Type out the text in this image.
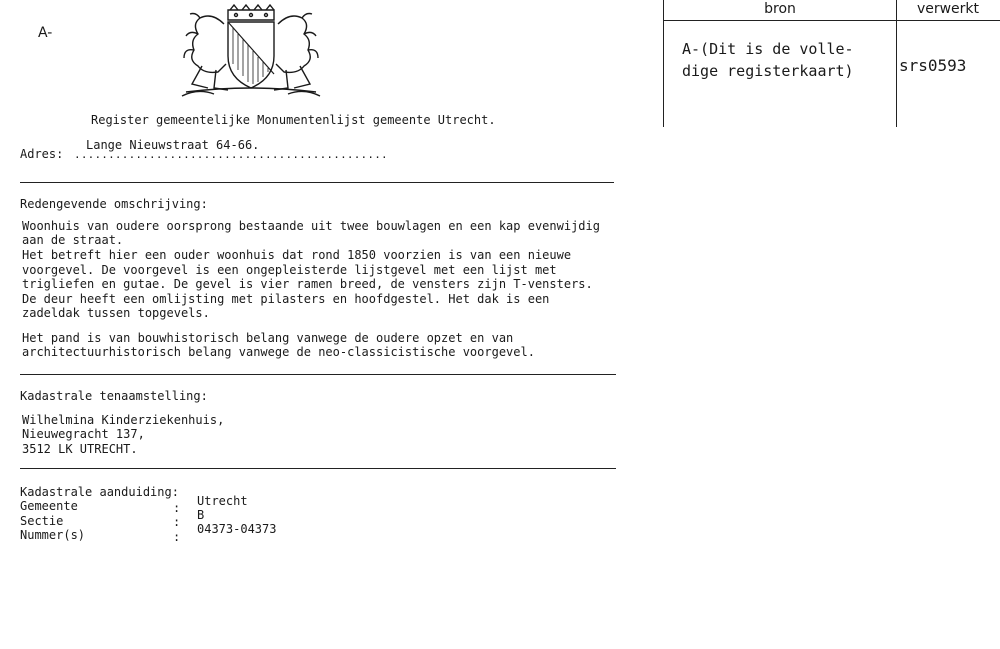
A-
Register gemeentelijke Monumentenlijst gemeente Utrecht.
Adres:
Lange Nieuwstraat 64-66.
..............................................
bron	verwerkt
A-(Dit is de volle-
dige registerkaart)	srs0593
Redengevende omschrijving:
Woonhuis van oudere oorsprong bestaande uit twee bouwlagen en een kap evenwijdig
aan de straat.
Het betreft hier een ouder woonhuis dat rond 1850 voorzien is van een nieuwe
voorgevel. De voorgevel is een ongepleisterde lijstgevel met een lijst met
trigliefen en gutae. De gevel is vier ramen breed, de vensters zijn T-vensters.
De deur heeft een omlijsting met pilasters en hoofdgestel. Het dak is een
zadeldak tussen topgevels.
Het pand is van bouwhistorisch belang vanwege de oudere opzet en van
architectuurhistorisch belang vanwege de neo-classicistische voorgevel.
Kadastrale tenaamstelling:
Wilhelmina Kinderziekenhuis,
Nieuwegracht 137,
3512 LK UTRECHT.
Kadastrale aanduiding:
Gemeente
Sectie
Nummer(s)
:
:
:
Utrecht
B
04373-04373
